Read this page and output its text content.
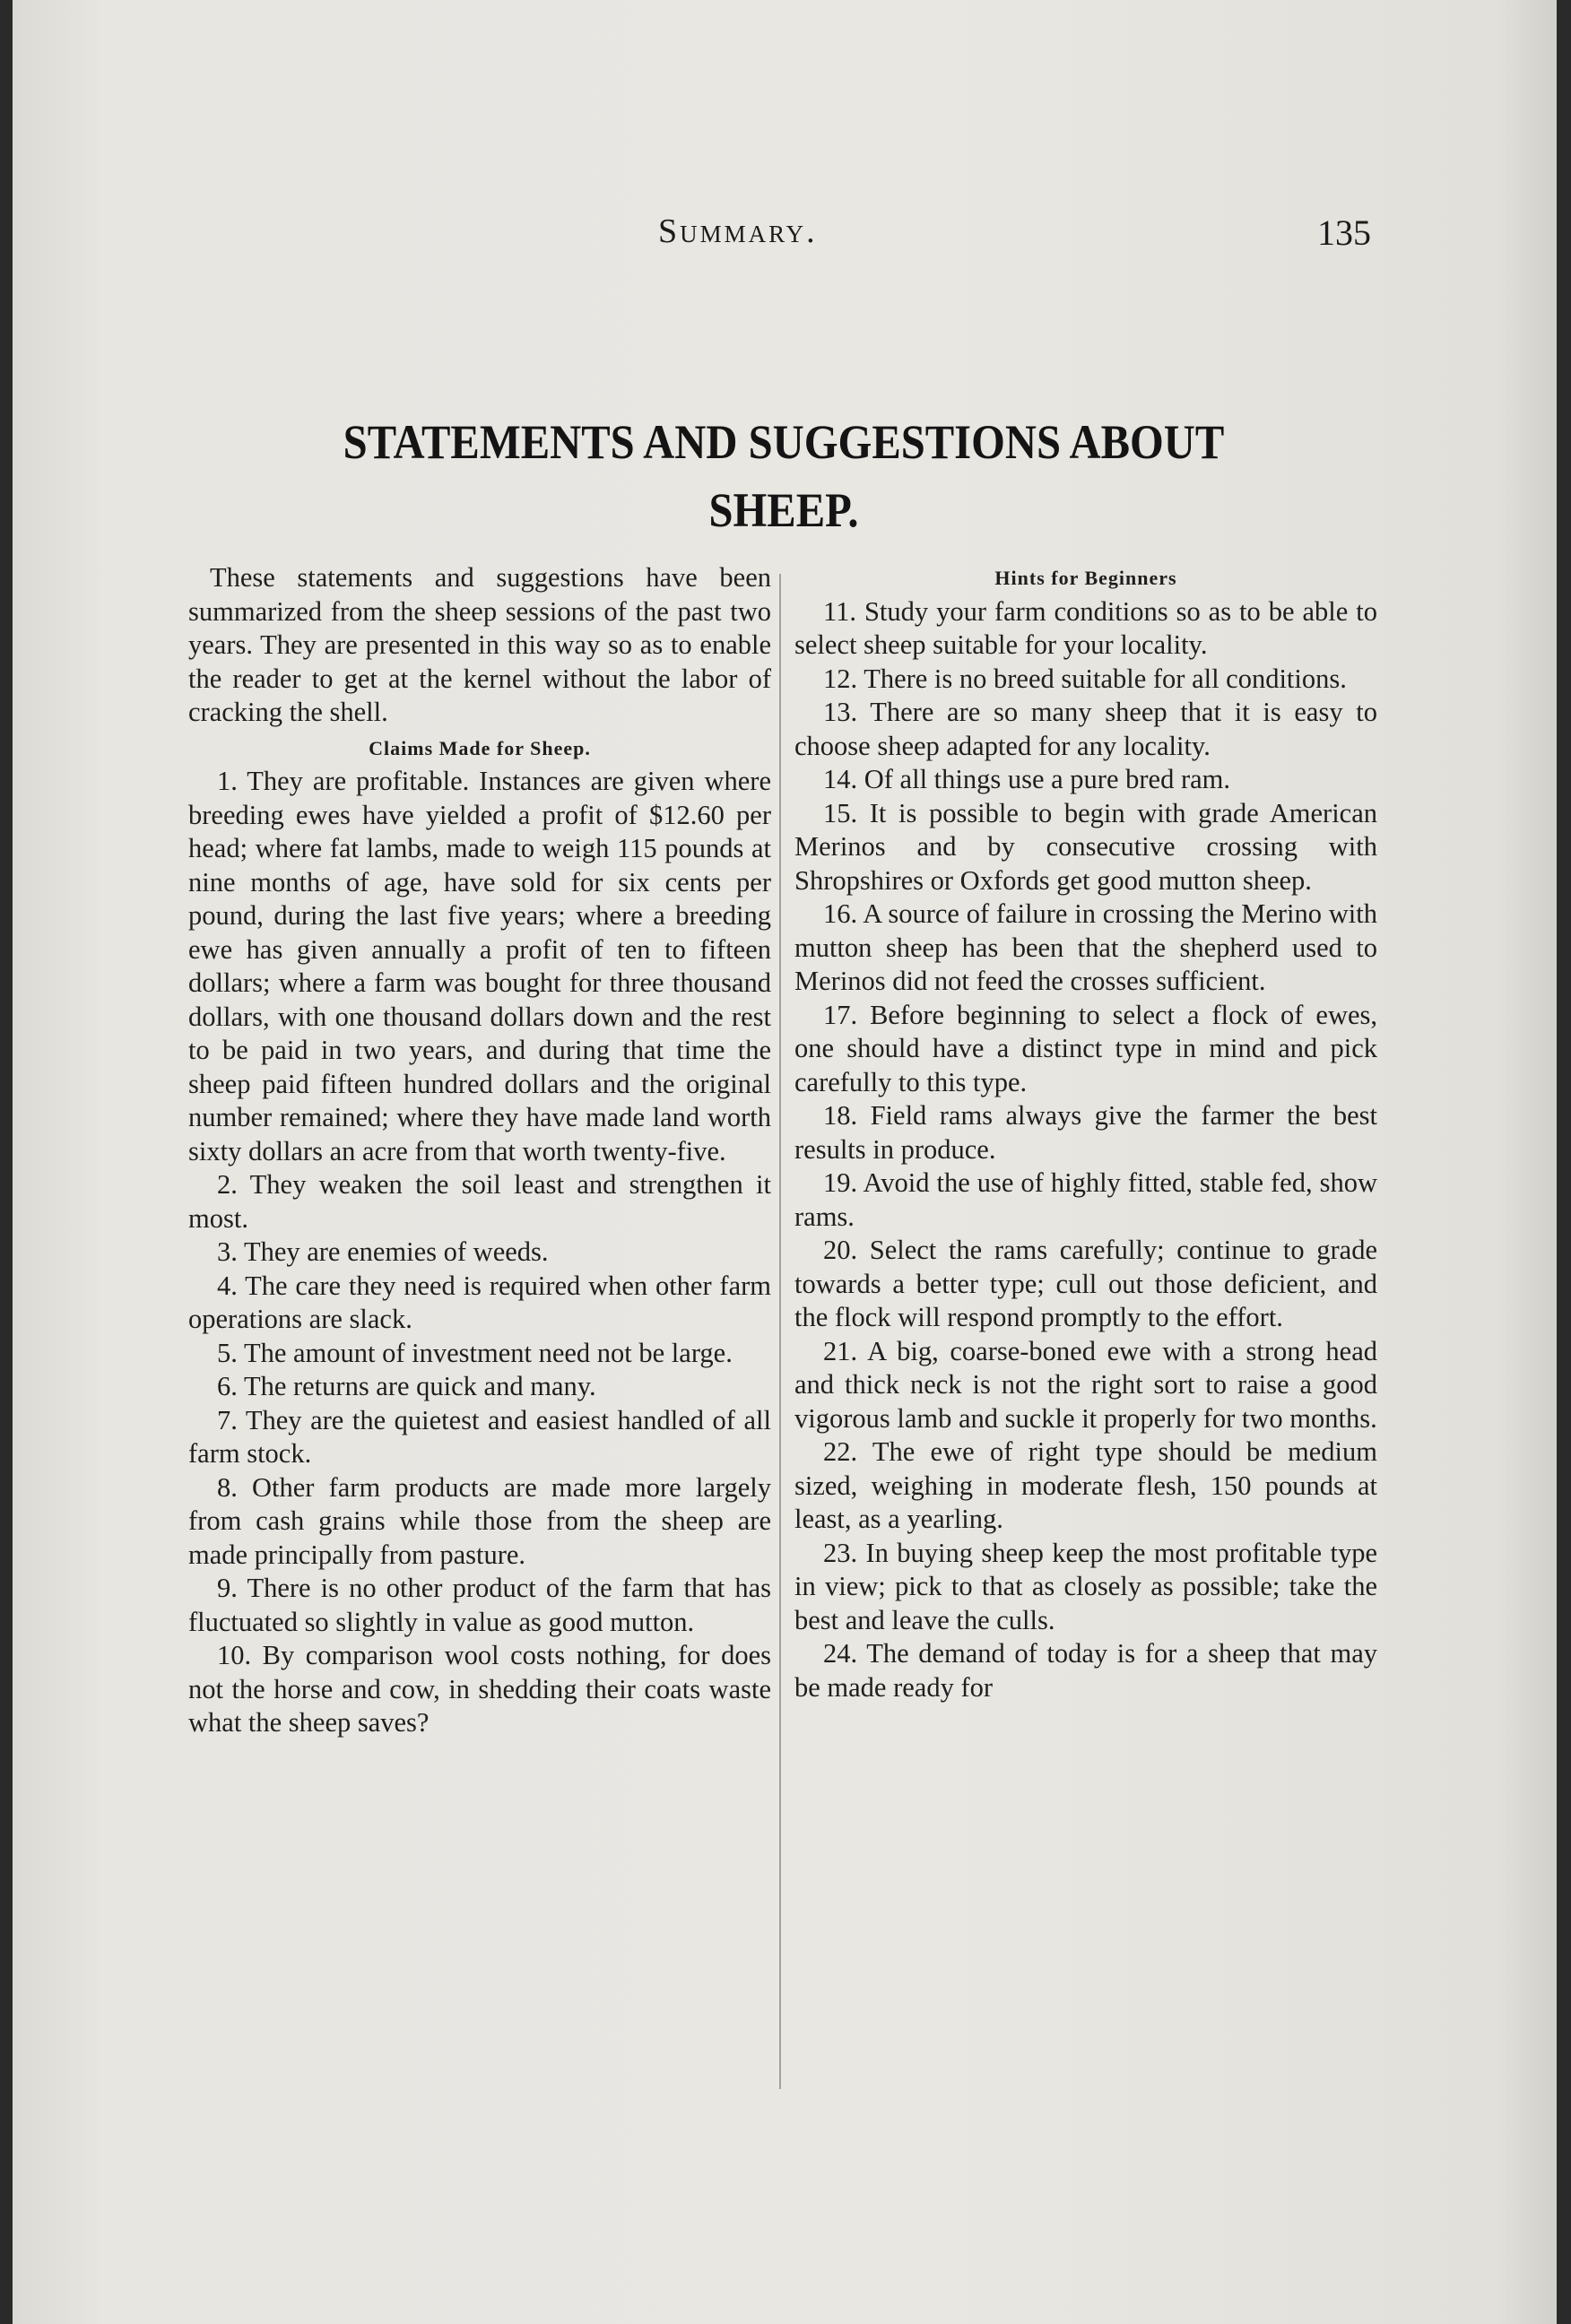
Summary.	135
STATEMENTS AND SUGGESTIONS ABOUT
SHEEP.

These statements and suggestions have been summarized from the sheep sessions of the past two years. They are presented in this way so as to enable the reader to get at the kernel without the labor of cracking the shell.

Claims Made for Sheep.

1. They are profitable. Instances are given where breeding ewes have yielded a profit of $12.60 per head; where fat lambs, made to weigh 115 pounds at nine months of age, have sold for six cents per pound, during the last five years; where a breeding ewe has given annually a profit of ten to fifteen dollars; where a farm was bought for three thousand dollars, with one thousand dollars down and the rest to be paid in two years, and during that time the sheep paid fifteen hundred dollars and the original number remained; where they have made land worth sixty dollars an acre from that worth twenty-five.

2. They weaken the soil least and strengthen it most.

3. They are enemies of weeds.

4. The care they need is required when other farm operations are slack.

5. The amount of investment need not be large.

6. The returns are quick and many.

7. They are the quietest and easiest handled of all farm stock.

8. Other farm products are made more largely from cash grains while those from the sheep are made principally from pasture.

9. There is no other product of the farm that has fluctuated so slightly in value as good mutton.

10. By comparison wool costs nothing, for does not the horse and cow, in shedding their coats waste what the sheep saves?

Hints for Beginners

11. Study your farm conditions so as to be able to select sheep suitable for your locality.

12. There is no breed suitable for all conditions.

13. There are so many sheep that it is easy to choose sheep adapted for any locality.

14. Of all things use a pure bred ram.

15. It is possible to begin with grade American Merinos and by consecutive crossing with Shropshires or Oxfords get good mutton sheep.

16. A source of failure in crossing the Merino with mutton sheep has been that the shepherd used to Merinos did not feed the crosses sufficient.

17. Before beginning to select a flock of ewes, one should have a distinct type in mind and pick carefully to this type.

18. Field rams always give the farmer the best results in produce.

19. Avoid the use of highly fitted, stable fed, show rams.

20. Select the rams carefully; continue to grade towards a better type; cull out those deficient, and the flock will respond promptly to the effort.

21. A big, coarse-boned ewe with a strong head and thick neck is not the right sort to raise a good vigorous lamb and suckle it properly for two months.

22. The ewe of right type should be medium sized, weighing in moderate flesh, 150 pounds at least, as a yearling.

23. In buying sheep keep the most profitable type in view; pick to that as closely as possible; take the best and leave the culls.

24. The demand of today is for a sheep that may be made ready for
